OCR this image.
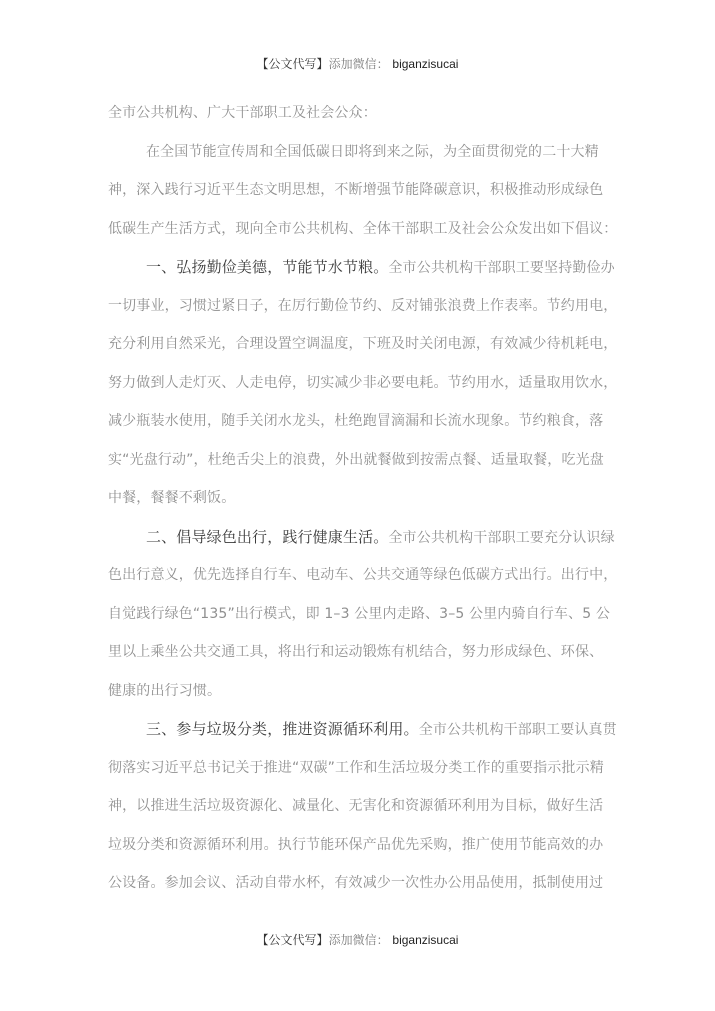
【公文代写】添加微信： biganzisucai
全市公共机构、广大干部职工及社会公众：
在全国节能宣传周和全国低碳日即将到来之际，为全面贯彻党的二十大精
神，深入践行习近平生态文明思想，不断增强节能降碳意识，积极推动形成绿色
低碳生产生活方式，现向全市公共机构、全体干部职工及社会公众发出如下倡议：
一、弘扬勤俭美德，节能节水节粮。全市公共机构干部职工要坚持勤俭办
一切事业，习惯过紧日子，在厉行勤俭节约、反对铺张浪费上作表率。节约用电，
充分利用自然采光，合理设置空调温度，下班及时关闭电源，有效减少待机耗电，
努力做到人走灯灭、人走电停，切实减少非必要电耗。节约用水，适量取用饮水，
减少瓶装水使用，随手关闭水龙头，杜绝跑冒滴漏和长流水现象。节约粮食，落
实“光盘行动”，杜绝舌尖上的浪费，外出就餐做到按需点餐、适量取餐，吃光盘
中餐，餐餐不剩饭。
二、倡导绿色出行，践行健康生活。全市公共机构干部职工要充分认识绿
色出行意义，优先选择自行车、电动车、公共交通等绿色低碳方式出行。出行中，
自觉践行绿色“135”出行模式，即 1–3 公里内走路、3–5 公里内骑自行车、5 公
里以上乘坐公共交通工具，将出行和运动锻炼有机结合，努力形成绿色、环保、
健康的出行习惯。
三、参与垃圾分类，推进资源循环利用。全市公共机构干部职工要认真贯
彻落实习近平总书记关于推进“双碳”工作和生活垃圾分类工作的重要指示批示精
神，以推进生活垃圾资源化、减量化、无害化和资源循环利用为目标，做好生活
垃圾分类和资源循环利用。执行节能环保产品优先采购，推广使用节能高效的办
公设备。参加会议、活动自带水杯，有效减少一次性办公用品使用，抵制使用过
【公文代写】添加微信： biganzisucai
